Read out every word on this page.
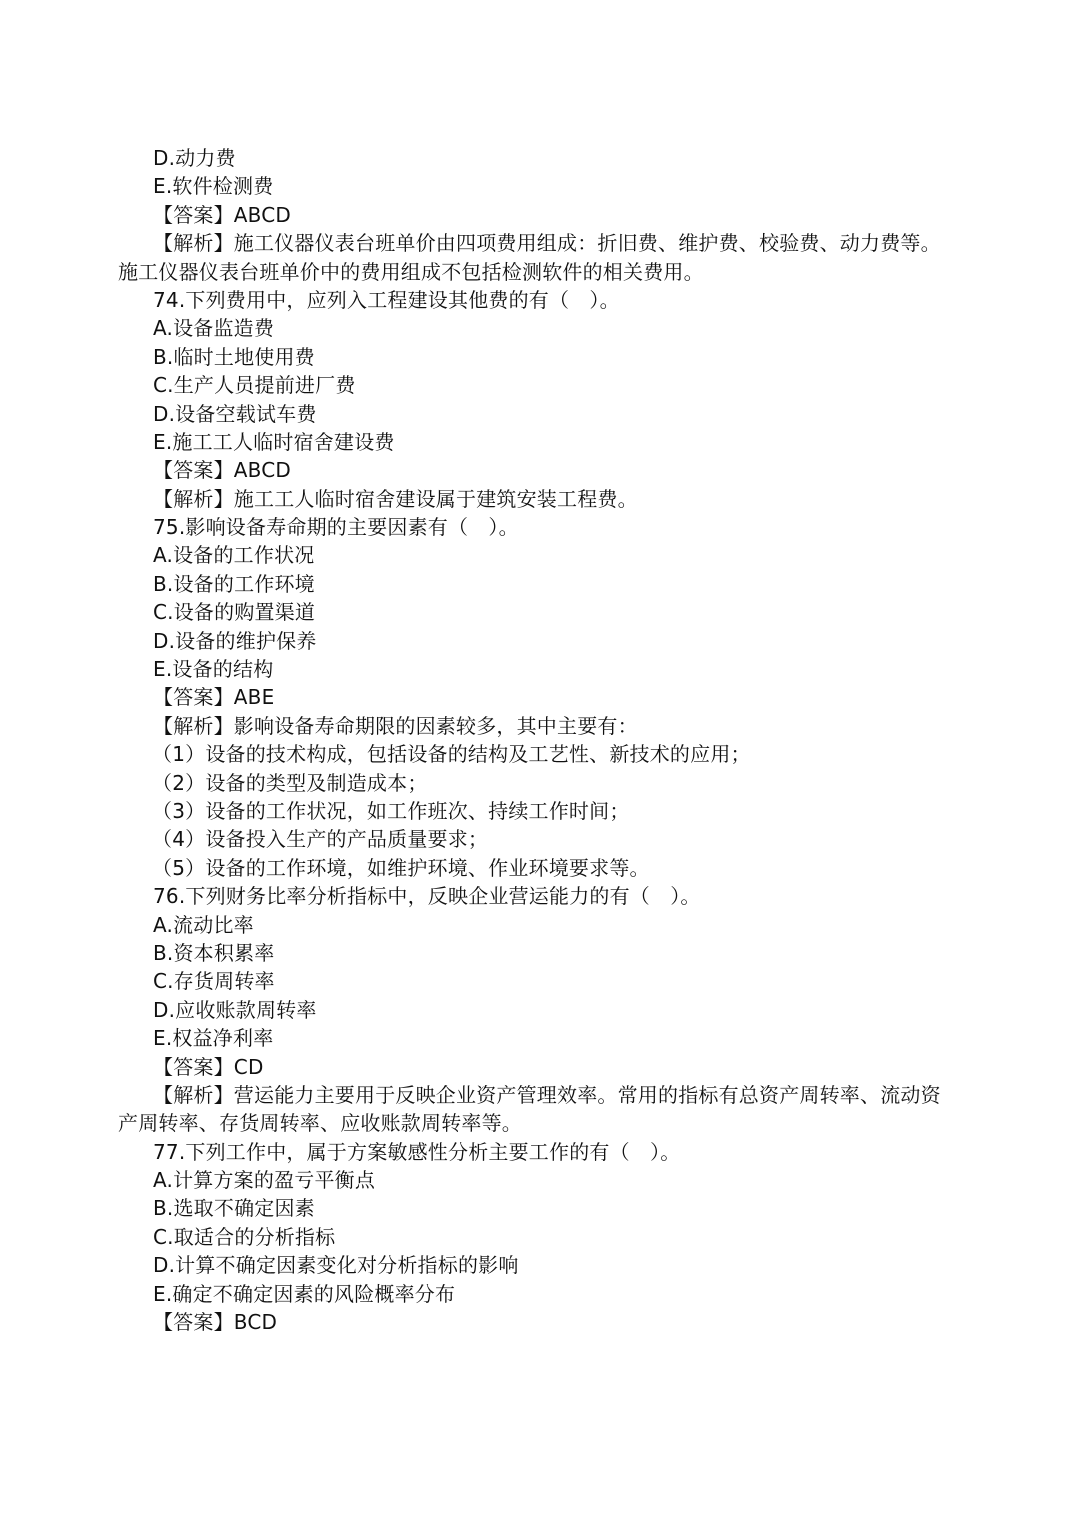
D.动力费
E.软件检测费
【答案】ABCD
【解析】施工仪器仪表台班单价由四项费用组成：折旧费、维护费、校验费、动力费等。
施工仪器仪表台班单价中的费用组成不包括检测软件的相关费用。
74.下列费用中，应列入工程建设其他费的有（　）。
A.设备监造费
B.临时土地使用费
C.生产人员提前进厂费
D.设备空载试车费
E.施工工人临时宿舍建设费
【答案】ABCD
【解析】施工工人临时宿舍建设属于建筑安装工程费。
75.影响设备寿命期的主要因素有（　）。
A.设备的工作状况
B.设备的工作环境
C.设备的购置渠道
D.设备的维护保养
E.设备的结构
【答案】ABE
【解析】影响设备寿命期限的因素较多，其中主要有：
（1）设备的技术构成，包括设备的结构及工艺性、新技术的应用；
（2）设备的类型及制造成本；
（3）设备的工作状况，如工作班次、持续工作时间；
（4）设备投入生产的产品质量要求；
（5）设备的工作环境，如维护环境、作业环境要求等。
76.下列财务比率分析指标中，反映企业营运能力的有（　）。
A.流动比率
B.资本积累率
C.存货周转率
D.应收账款周转率
E.权益净利率
【答案】CD
【解析】营运能力主要用于反映企业资产管理效率。常用的指标有总资产周转率、流动资
产周转率、存货周转率、应收账款周转率等。
77.下列工作中，属于方案敏感性分析主要工作的有（　）。
A.计算方案的盈亏平衡点
B.选取不确定因素
C.取适合的分析指标
D.计算不确定因素变化对分析指标的影响
E.确定不确定因素的风险概率分布
【答案】BCD
